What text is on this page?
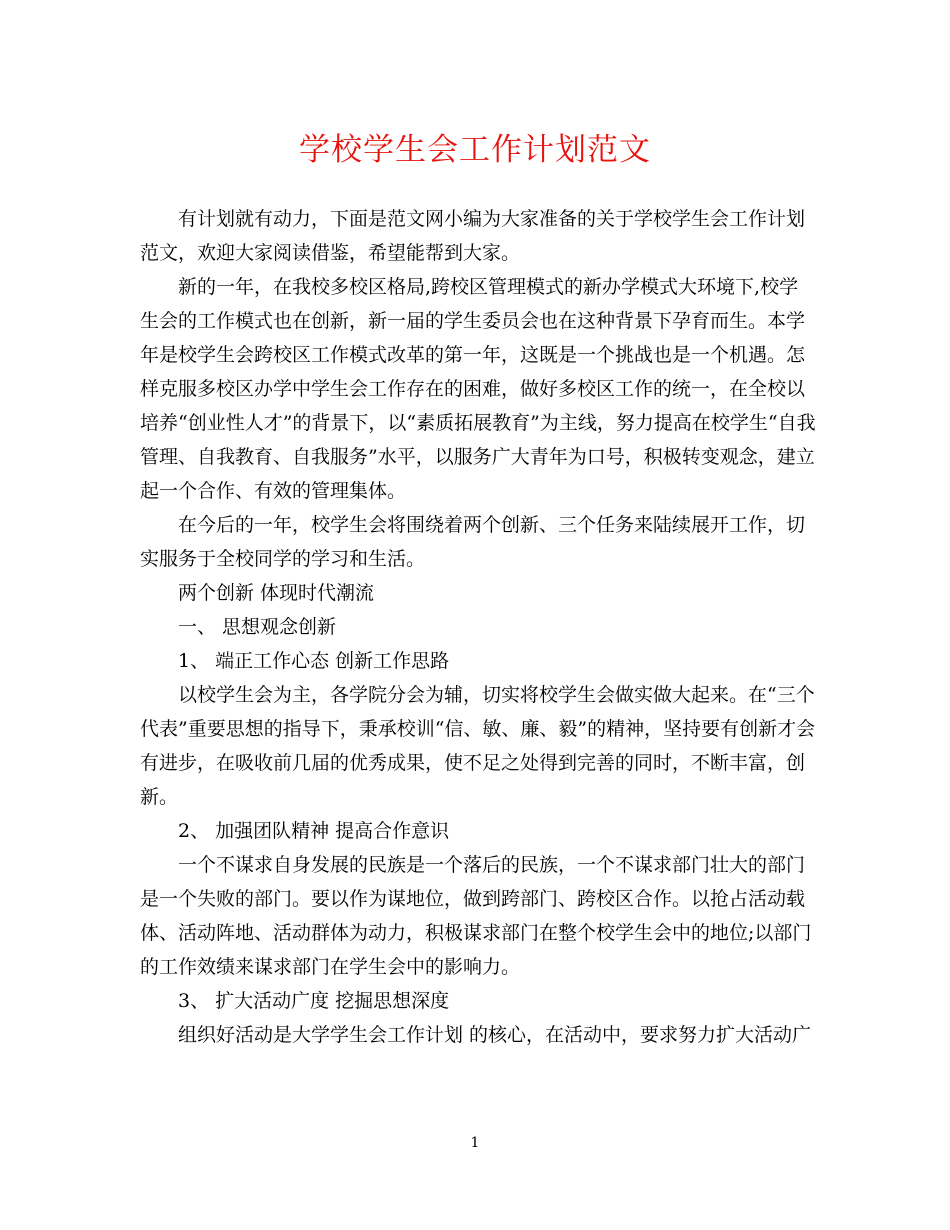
学校学生会工作计划范文

有计划就有动力，下面是范文网小编为大家准备的关于学校学生会工作计划范文，欢迎大家阅读借鉴，希望能帮到大家。

新的一年，在我校多校区格局,跨校区管理模式的新办学模式大环境下,校学生会的工作模式也在创新，新一届的学生委员会也在这种背景下孕育而生。本学年是校学生会跨校区工作模式改革的第一年，这既是一个挑战也是一个机遇。怎样克服多校区办学中学生会工作存在的困难，做好多校区工作的统一，在全校以培养“创业性人才”的背景下，以“素质拓展教育”为主线，努力提高在校学生“自我管理、自我教育、自我服务”水平，以服务广大青年为口号，积极转变观念，建立起一个合作、有效的管理集体。

在今后的一年，校学生会将围绕着两个创新、三个任务来陆续展开工作，切实服务于全校同学的学习和生活。

两个创新 体现时代潮流

一、 思想观念创新

1、 端正工作心态 创新工作思路

以校学生会为主，各学院分会为辅，切实将校学生会做实做大起来。在“三个代表”重要思想的指导下，秉承校训“信、敏、廉、毅”的精神，坚持要有创新才会有进步，在吸收前几届的优秀成果，使不足之处得到完善的同时，不断丰富，创新。

2、 加强团队精神 提高合作意识

一个不谋求自身发展的民族是一个落后的民族，一个不谋求部门壮大的部门是一个失败的部门。要以作为谋地位，做到跨部门、跨校区合作。以抢占活动载体、活动阵地、活动群体为动力，积极谋求部门在整个校学生会中的地位;以部门的工作效绩来谋求部门在学生会中的影响力。

3、 扩大活动广度 挖掘思想深度

组织好活动是大学学生会工作计划 的核心，在活动中，要求努力扩大活动广

1
